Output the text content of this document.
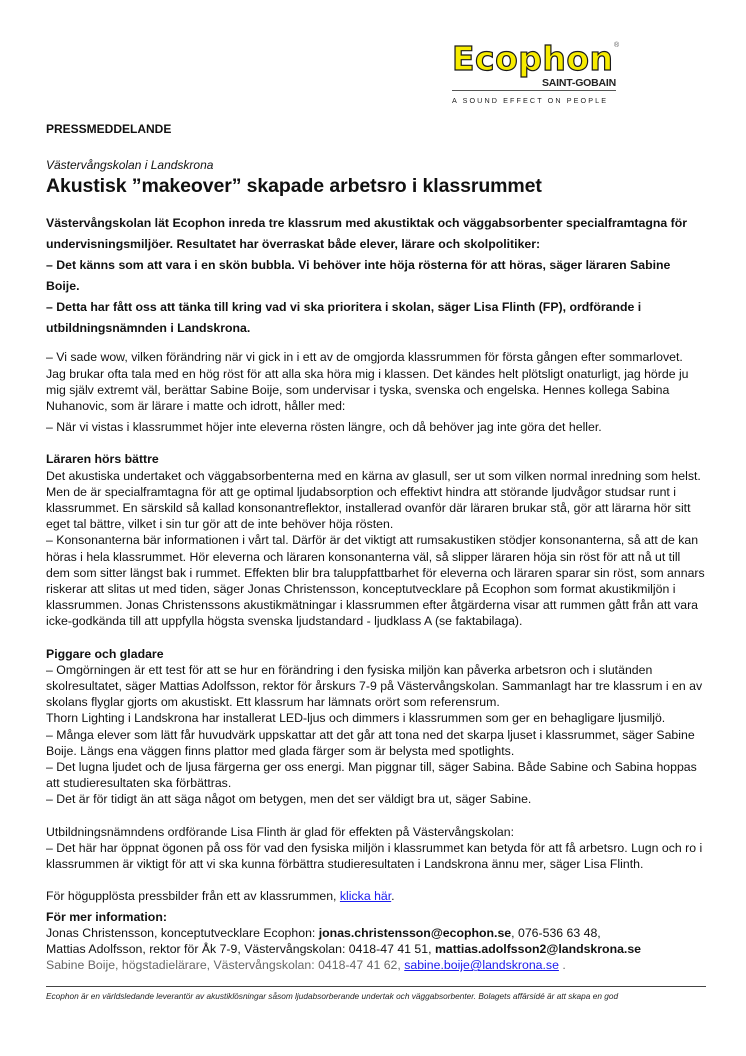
Ecophon ®
SAINT-GOBAIN
A SOUND EFFECT ON PEOPLE
PRESSMEDDELANDE
Västervångskolan i Landskrona
Akustisk ”makeover” skapade arbetsro i klassrummet

Västervångskolan lät Ecophon inreda tre klassrum med akustiktak och väggabsorbenter specialframtagna för undervisningsmiljöer. Resultatet har överraskat både elever, lärare och skolpolitiker:

– Det känns som att vara i en skön bubbla. Vi behöver inte höja rösterna för att höras, säger läraren Sabine Boije.

– Detta har fått oss att tänka till kring vad vi ska prioritera i skolan, säger Lisa Flinth (FP), ordförande i utbildningsnämnden i Landskrona.

– Vi sade wow, vilken förändring när vi gick in i ett av de omgjorda klassrummen för första gången efter sommarlovet. Jag brukar ofta tala med en hög röst för att alla ska höra mig i klassen. Det kändes helt plötsligt onaturligt, jag hörde ju mig själv extremt väl, berättar Sabine Boije, som undervisar i tyska, svenska och engelska. Hennes kollega Sabina Nuhanovic, som är lärare i matte och idrott, håller med:

– När vi vistas i klassrummet höjer inte eleverna rösten längre, och då behöver jag inte göra det heller.

Läraren hörs bättre

Det akustiska undertaket och väggabsorbenterna med en kärna av glasull, ser ut som vilken normal inredning som helst. Men de är specialframtagna för att ge optimal ljudabsorption och effektivt hindra att störande ljudvågor studsar runt i klassrummet. En särskild så kallad konsonantreflektor, installerad ovanför där läraren brukar stå, gör att lärarna hör sitt eget tal bättre, vilket i sin tur gör att de inte behöver höja rösten.

– Konsonanterna bär informationen i vårt tal. Därför är det viktigt att rumsakustiken stödjer konsonanterna, så att de kan höras i hela klassrummet. Hör eleverna och läraren konsonanterna väl, så slipper läraren höja sin röst för att nå ut till dem som sitter längst bak i rummet. Effekten blir bra taluppfattbarhet för eleverna och läraren sparar sin röst, som annars riskerar att slitas ut med tiden, säger Jonas Christensson, konceptutvecklare på Ecophon som format akustikmiljön i klassrummen. Jonas Christenssons akustikmätningar i klassrummen efter åtgärderna visar att rummen gått från att vara icke-godkända till att uppfylla högsta svenska ljudstandard - ljudklass A (se faktabilaga).

Piggare och gladare

– Omgörningen är ett test för att se hur en förändring i den fysiska miljön kan påverka arbetsron och i slutänden skolresultatet, säger Mattias Adolfsson, rektor för årskurs 7-9 på Västervångskolan. Sammanlagt har tre klassrum i en av skolans flyglar gjorts om akustiskt. Ett klassrum har lämnats orört som referensrum.

Thorn Lighting i Landskrona har installerat LED-ljus och dimmers i klassrummen som ger en behagligare ljusmiljö.

– Många elever som lätt får huvudvärk uppskattar att det går att tona ned det skarpa ljuset i klassrummet, säger Sabine Boije. Längs ena väggen finns plattor med glada färger som är belysta med spotlights.

– Det lugna ljudet och de ljusa färgerna ger oss energi. Man piggnar till, säger Sabina. Både Sabine och Sabina hoppas att studieresultaten ska förbättras.

– Det är för tidigt än att säga något om betygen, men det ser väldigt bra ut, säger Sabine.

Utbildningsnämndens ordförande Lisa Flinth är glad för effekten på Västervångskolan:

– Det här har öppnat ögonen på oss för vad den fysiska miljön i klassrummet kan betyda för att få arbetsro. Lugn och ro i klassrummen är viktigt för att vi ska kunna förbättra studieresultaten i Landskrona ännu mer, säger Lisa Flinth.

För högupplösta pressbilder från ett av klassrummen, klicka här.

För mer information:

Jonas Christensson, konceptutvecklare Ecophon: jonas.christensson@ecophon.se, 076-536 63 48,

Mattias Adolfsson, rektor för Åk 7-9, Västervångskolan: 0418-47 41 51, mattias.adolfsson2@landskrona.se

Sabine Boije, högstadielärare, Västervångskolan: 0418-47 41 62, sabine.boije@landskrona.se .

Ecophon är en världsledande leverantör av akustiklösningar såsom ljudabsorberande undertak och väggabsorbenter. Bolagets affärsidé är att skapa en god
